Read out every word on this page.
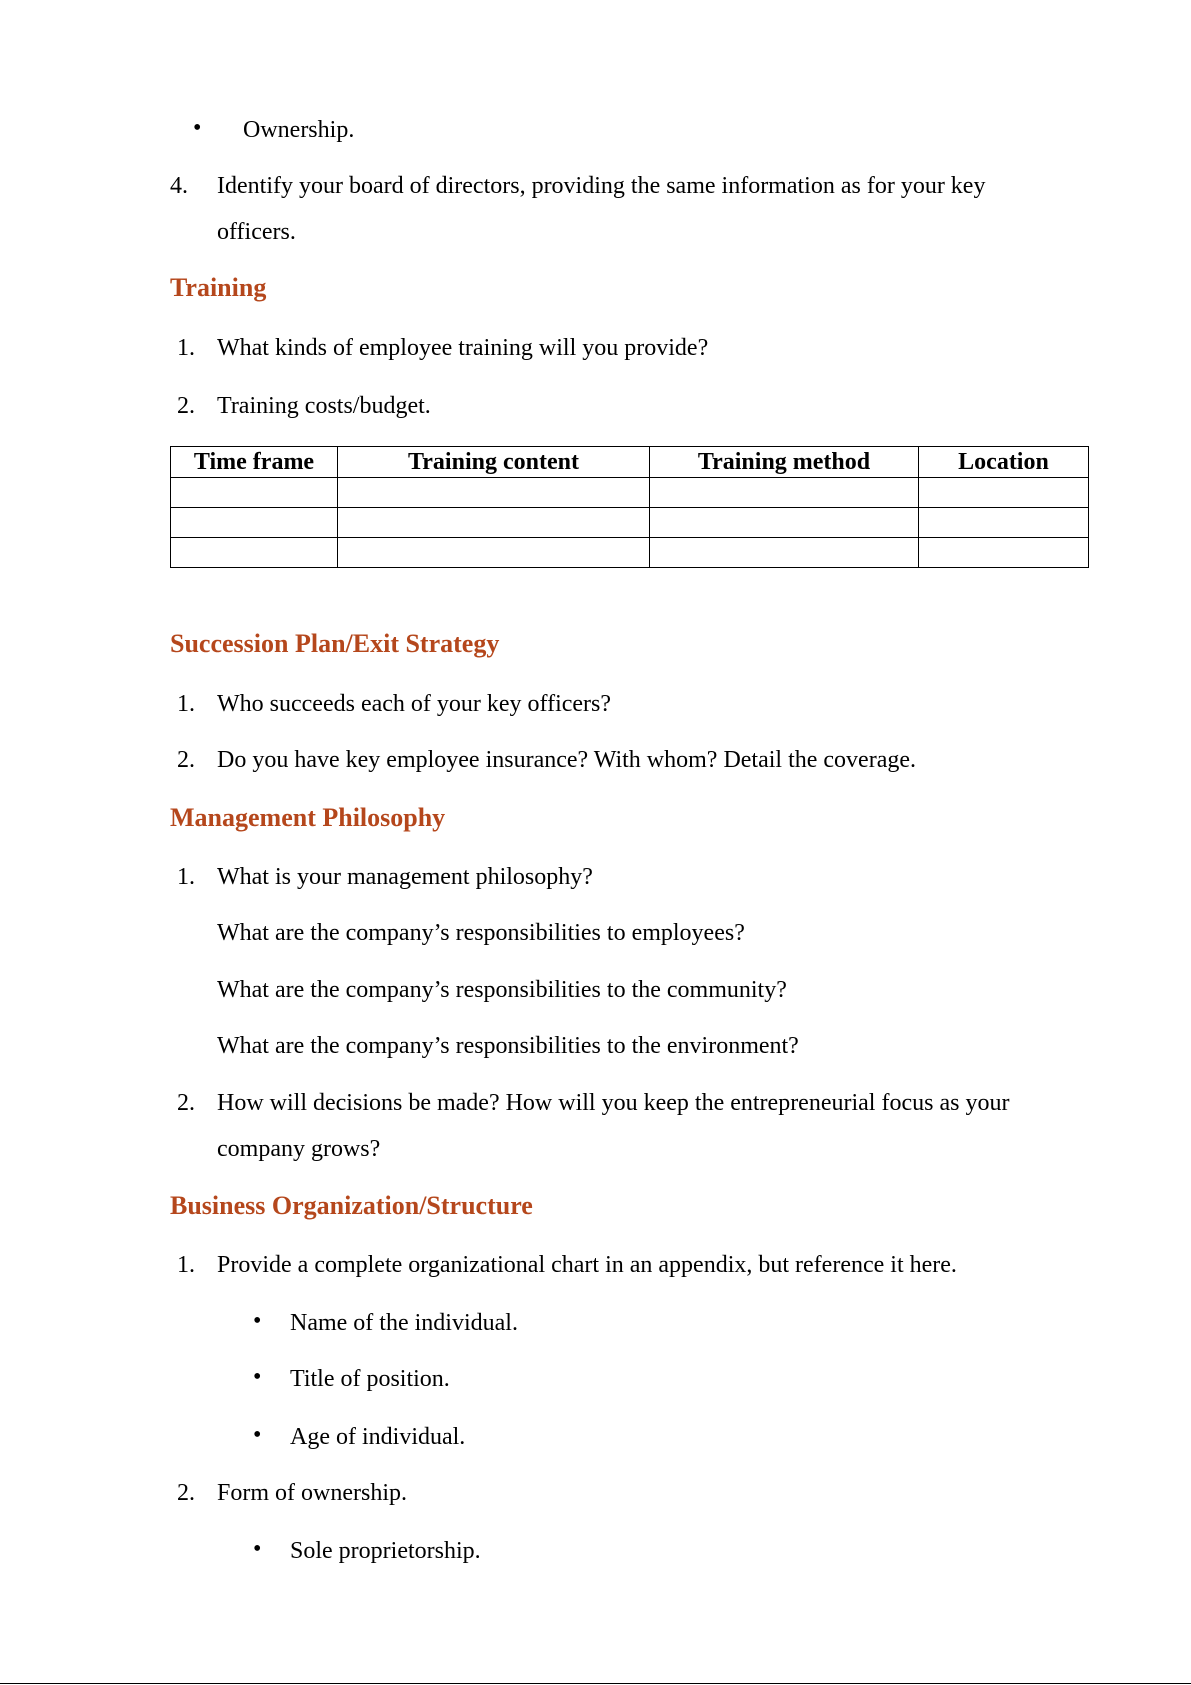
• Ownership.
4. Identify your board of directors, providing the same information as for your key
officers.
Training
1. What kinds of employee training will you provide?
2. Training costs/budget.
Time frame	Training content	Training method	Location

Succession Plan/Exit Strategy
1. Who succeeds each of your key officers?
2. Do you have key employee insurance? With whom? Detail the coverage.
Management Philosophy
1. What is your management philosophy?
What are the company’s responsibilities to employees?
What are the company’s responsibilities to the community?
What are the company’s responsibilities to the environment?
2. How will decisions be made? How will you keep the entrepreneurial focus as your
company grows?
Business Organization/Structure
1. Provide a complete organizational chart in an appendix, but reference it here.
• Name of the individual.
• Title of position.
• Age of individual.
2. Form of ownership.
• Sole proprietorship.
